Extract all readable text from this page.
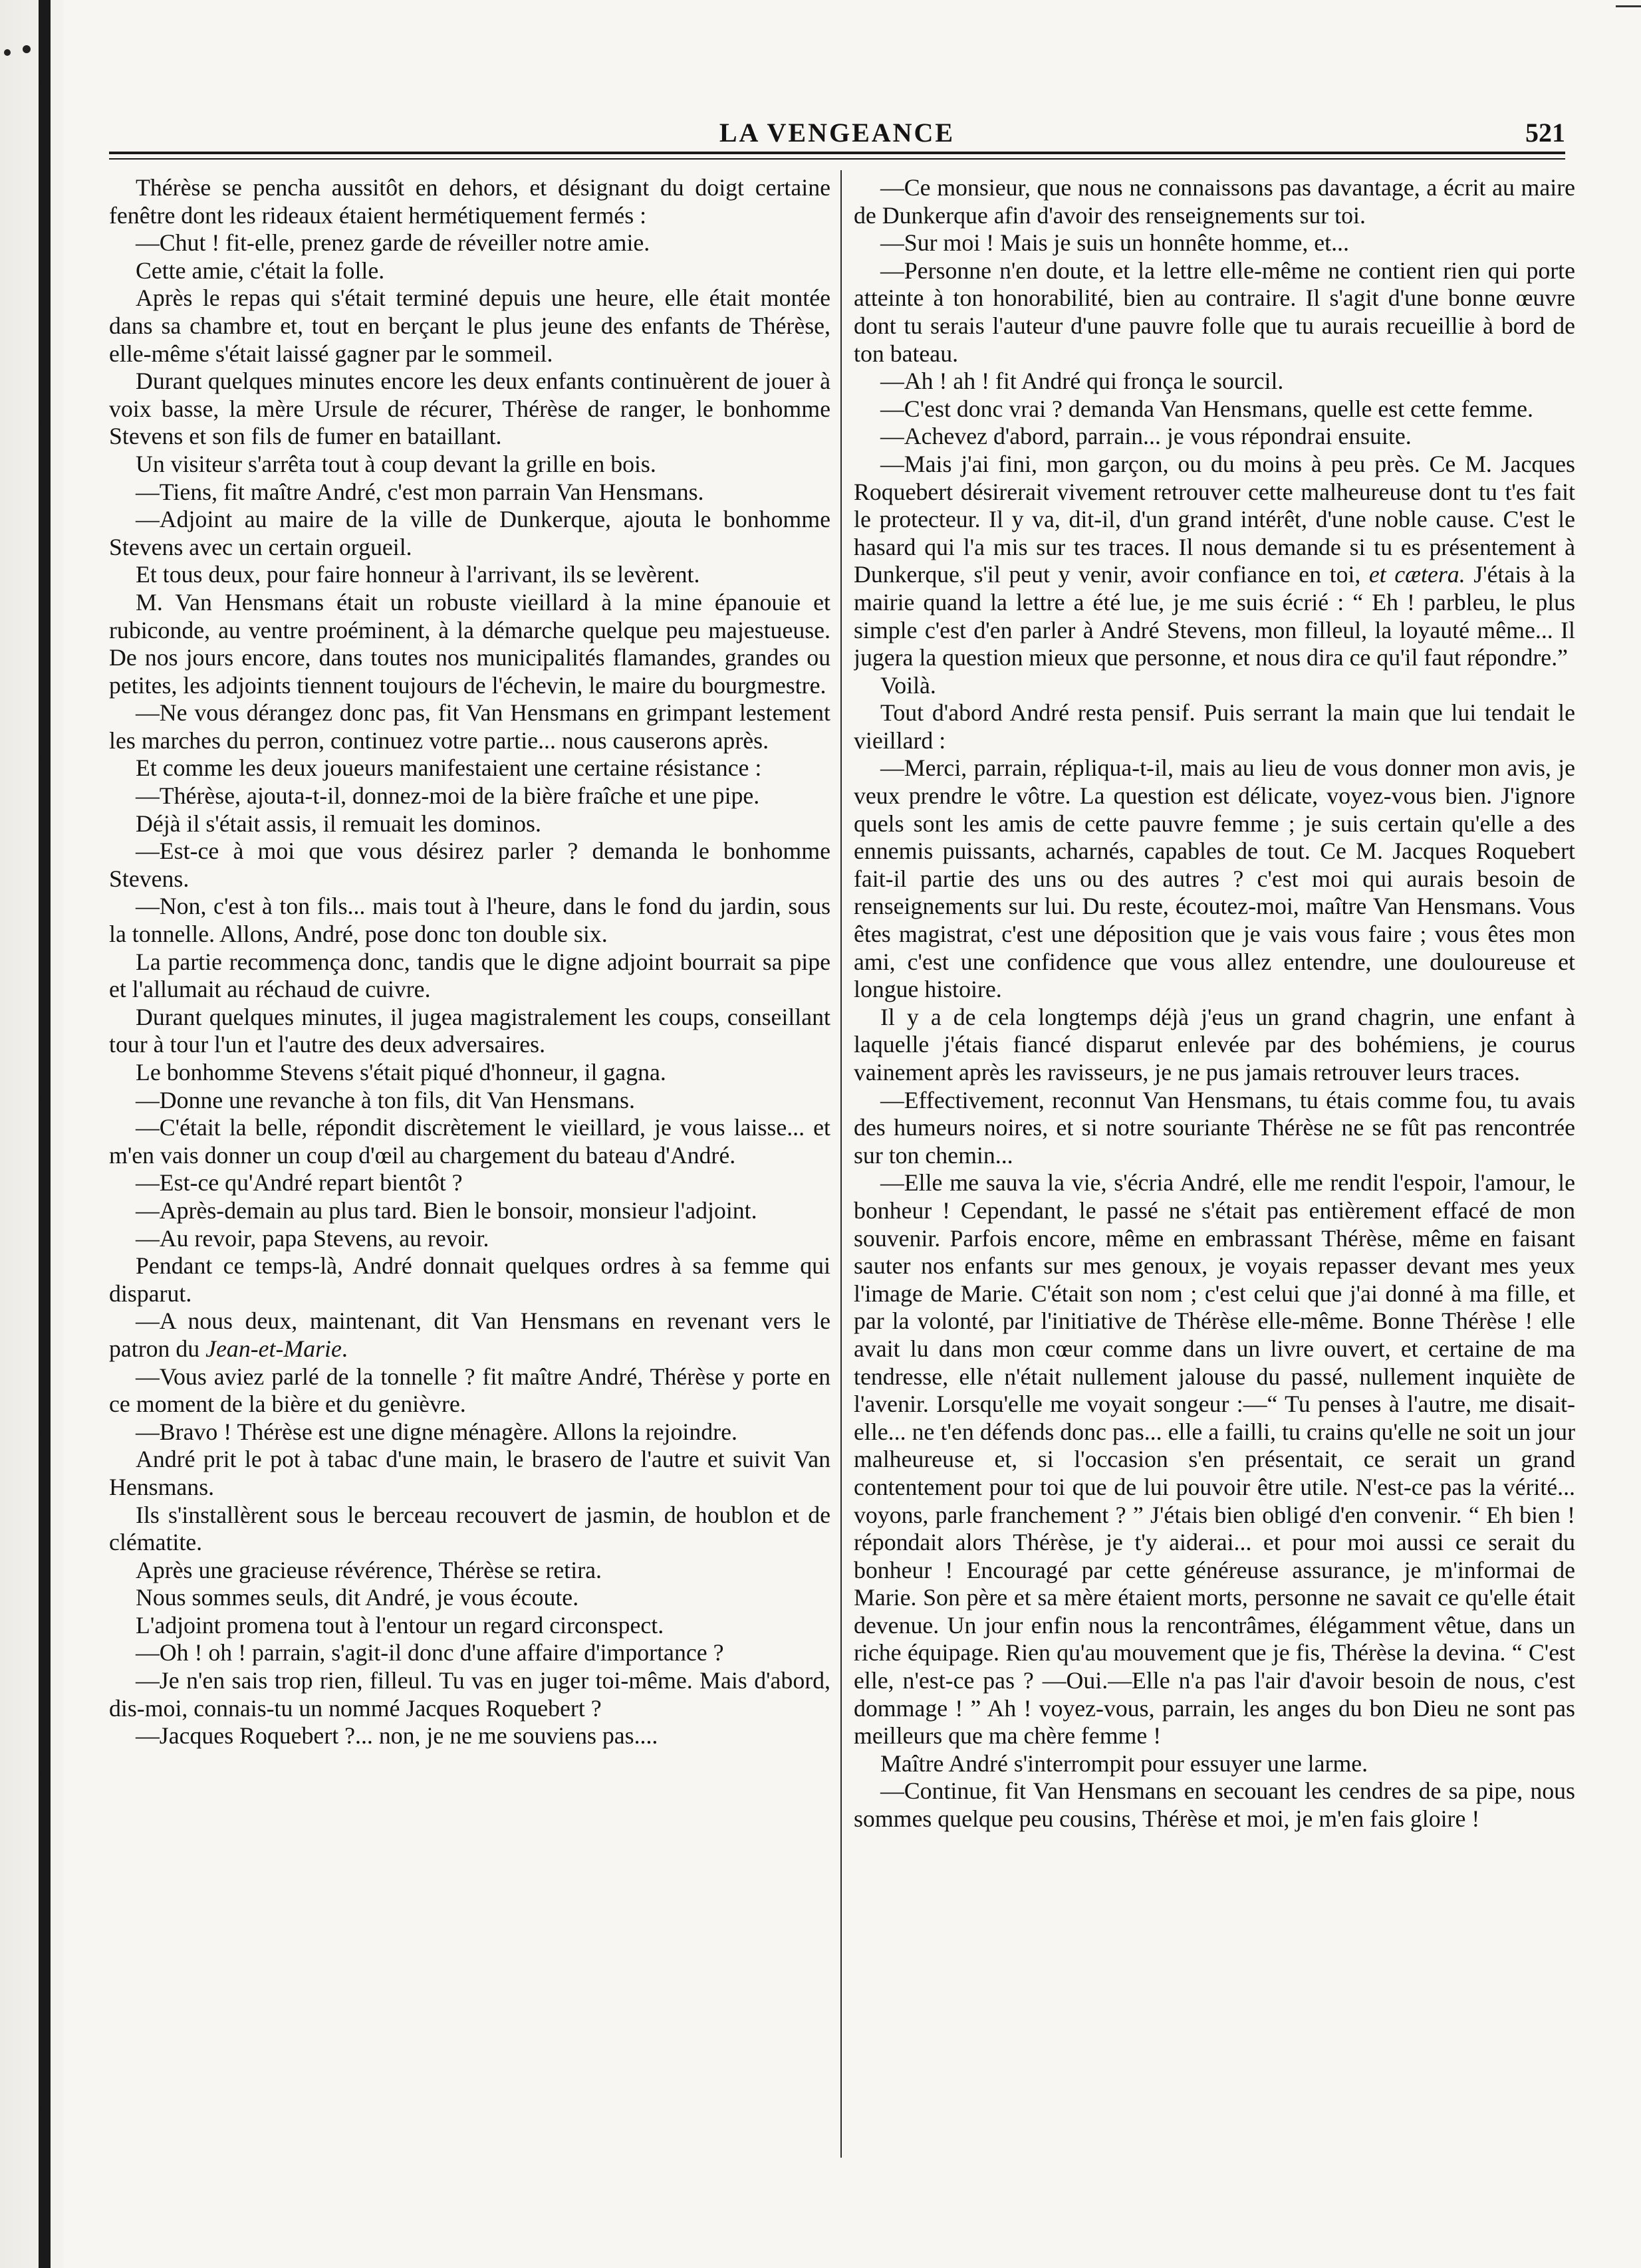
LA VENGEANCE	521

Thérèse se pencha aussitôt en dehors, et désignant du doigt certaine fenêtre dont les rideaux étaient hermétiquement fermés :

—Chut ! fit-elle, prenez garde de réveiller notre amie.

Cette amie, c'était la folle.

Après le repas qui s'était terminé depuis une heure, elle était montée dans sa chambre et, tout en berçant le plus jeune des enfants de Thérèse, elle-même s'était laissé gagner par le sommeil.

Durant quelques minutes encore les deux enfants continuèrent de jouer à voix basse, la mère Ursule de récurer, Thérèse de ranger, le bonhomme Stevens et son fils de fumer en bataillant.

Un visiteur s'arrêta tout à coup devant la grille en bois.

—Tiens, fit maître André, c'est mon parrain Van Hensmans.

—Adjoint au maire de la ville de Dunkerque, ajouta le bonhomme Stevens avec un certain orgueil.

Et tous deux, pour faire honneur à l'arrivant, ils se levèrent.

M. Van Hensmans était un robuste vieillard à la mine épanouie et rubiconde, au ventre proéminent, à la démarche quelque peu majestueuse. De nos jours encore, dans toutes nos municipalités flamandes, grandes ou petites, les adjoints tiennent toujours de l'échevin, le maire du bourgmestre.

—Ne vous dérangez donc pas, fit Van Hensmans en grimpant lestement les marches du perron, continuez votre partie... nous causerons après.

Et comme les deux joueurs manifestaient une certaine résistance :

—Thérèse, ajouta-t-il, donnez-moi de la bière fraîche et une pipe.

Déjà il s'était assis, il remuait les dominos.

—Est-ce à moi que vous désirez parler ? demanda le bonhomme Stevens.

—Non, c'est à ton fils... mais tout à l'heure, dans le fond du jardin, sous la tonnelle. Allons, André, pose donc ton double six.

La partie recommença donc, tandis que le digne adjoint bourrait sa pipe et l'allumait au réchaud de cuivre.

Durant quelques minutes, il jugea magistralement les coups, conseillant tour à tour l'un et l'autre des deux adversaires.

Le bonhomme Stevens s'était piqué d'honneur, il gagna.

—Donne une revanche à ton fils, dit Van Hensmans.

—C'était la belle, répondit discrètement le vieillard, je vous laisse... et m'en vais donner un coup d'œil au chargement du bateau d'André.

—Est-ce qu'André repart bientôt ?

—Après-demain au plus tard. Bien le bonsoir, monsieur l'adjoint.

—Au revoir, papa Stevens, au revoir.

Pendant ce temps-là, André donnait quelques ordres à sa femme qui disparut.

—A nous deux, maintenant, dit Van Hensmans en revenant vers le patron du Jean-et-Marie.

—Vous aviez parlé de la tonnelle ? fit maître André, Thérèse y porte en ce moment de la bière et du genièvre.

—Bravo ! Thérèse est une digne ménagère. Allons la rejoindre.

André prit le pot à tabac d'une main, le brasero de l'autre et suivit Van Hensmans.

Ils s'installèrent sous le berceau recouvert de jasmin, de houblon et de clématite.

Après une gracieuse révérence, Thérèse se retira.

Nous sommes seuls, dit André, je vous écoute.

L'adjoint promena tout à l'entour un regard circonspect.

—Oh ! oh ! parrain, s'agit-il donc d'une affaire d'importance ?

—Je n'en sais trop rien, filleul. Tu vas en juger toi-même. Mais d'abord, dis-moi, connais-tu un nommé Jacques Roquebert ?

—Jacques Roquebert ?... non, je ne me souviens pas....

—Ce monsieur, que nous ne connaissons pas davantage, a écrit au maire de Dunkerque afin d'avoir des renseignements sur toi.

—Sur moi ! Mais je suis un honnête homme, et...

—Personne n'en doute, et la lettre elle-même ne contient rien qui porte atteinte à ton honorabilité, bien au contraire. Il s'agit d'une bonne œuvre dont tu serais l'auteur d'une pauvre folle que tu aurais recueillie à bord de ton bateau.

—Ah ! ah ! fit André qui fronça le sourcil.

—C'est donc vrai ? demanda Van Hensmans, quelle est cette femme.

—Achevez d'abord, parrain... je vous répondrai ensuite.

—Mais j'ai fini, mon garçon, ou du moins à peu près. Ce M. Jacques Roquebert désirerait vivement retrouver cette malheureuse dont tu t'es fait le protecteur. Il y va, dit-il, d'un grand intérêt, d'une noble cause. C'est le hasard qui l'a mis sur tes traces. Il nous demande si tu es présentement à Dunkerque, s'il peut y venir, avoir confiance en toi, et cætera. J'étais à la mairie quand la lettre a été lue, je me suis écrié : “ Eh ! parbleu, le plus simple c'est d'en parler à André Stevens, mon filleul, la loyauté même... Il jugera la question mieux que personne, et nous dira ce qu'il faut répondre.”

Voilà.

Tout d'abord André resta pensif. Puis serrant la main que lui tendait le vieillard :

—Merci, parrain, répliqua-t-il, mais au lieu de vous donner mon avis, je veux prendre le vôtre. La question est délicate, voyez-vous bien. J'ignore quels sont les amis de cette pauvre femme ; je suis certain qu'elle a des ennemis puissants, acharnés, capables de tout. Ce M. Jacques Roquebert fait-il partie des uns ou des autres ? c'est moi qui aurais besoin de renseignements sur lui. Du reste, écoutez-moi, maître Van Hensmans. Vous êtes magistrat, c'est une déposition que je vais vous faire ; vous êtes mon ami, c'est une confidence que vous allez entendre, une douloureuse et longue histoire.

Il y a de cela longtemps déjà j'eus un grand chagrin, une enfant à laquelle j'étais fiancé disparut enlevée par des bohémiens, je courus vainement après les ravisseurs, je ne pus jamais retrouver leurs traces.

—Effectivement, reconnut Van Hensmans, tu étais comme fou, tu avais des humeurs noires, et si notre souriante Thérèse ne se fût pas rencontrée sur ton chemin...

—Elle me sauva la vie, s'écria André, elle me rendit l'espoir, l'amour, le bonheur ! Cependant, le passé ne s'était pas entièrement effacé de mon souvenir. Parfois encore, même en embrassant Thérèse, même en faisant sauter nos enfants sur mes genoux, je voyais repasser devant mes yeux l'image de Marie. C'était son nom ; c'est celui que j'ai donné à ma fille, et par la volonté, par l'initiative de Thérèse elle-même. Bonne Thérèse ! elle avait lu dans mon cœur comme dans un livre ouvert, et certaine de ma tendresse, elle n'était nullement jalouse du passé, nullement inquiète de l'avenir. Lorsqu'elle me voyait songeur :—“ Tu penses à l'autre, me disait-elle... ne t'en défends donc pas... elle a failli, tu crains qu'elle ne soit un jour malheureuse et, si l'occasion s'en présentait, ce serait un grand contentement pour toi que de lui pouvoir être utile. N'est-ce pas la vérité... voyons, parle franchement ? ” J'étais bien obligé d'en convenir. “ Eh bien ! répondait alors Thérèse, je t'y aiderai... et pour moi aussi ce serait du bonheur ! Encouragé par cette généreuse assurance, je m'informai de Marie. Son père et sa mère étaient morts, personne ne savait ce qu'elle était devenue. Un jour enfin nous la rencontrâmes, élégamment vêtue, dans un riche équipage. Rien qu'au mouvement que je fis, Thérèse la devina. “ C'est elle, n'est-ce pas ? —Oui.—Elle n'a pas l'air d'avoir besoin de nous, c'est dommage ! ” Ah ! voyez-vous, parrain, les anges du bon Dieu ne sont pas meilleurs que ma chère femme !

Maître André s'interrompit pour essuyer une larme.

—Continue, fit Van Hensmans en secouant les cendres de sa pipe, nous sommes quelque peu cousins, Thérèse et moi, je m'en fais gloire !
